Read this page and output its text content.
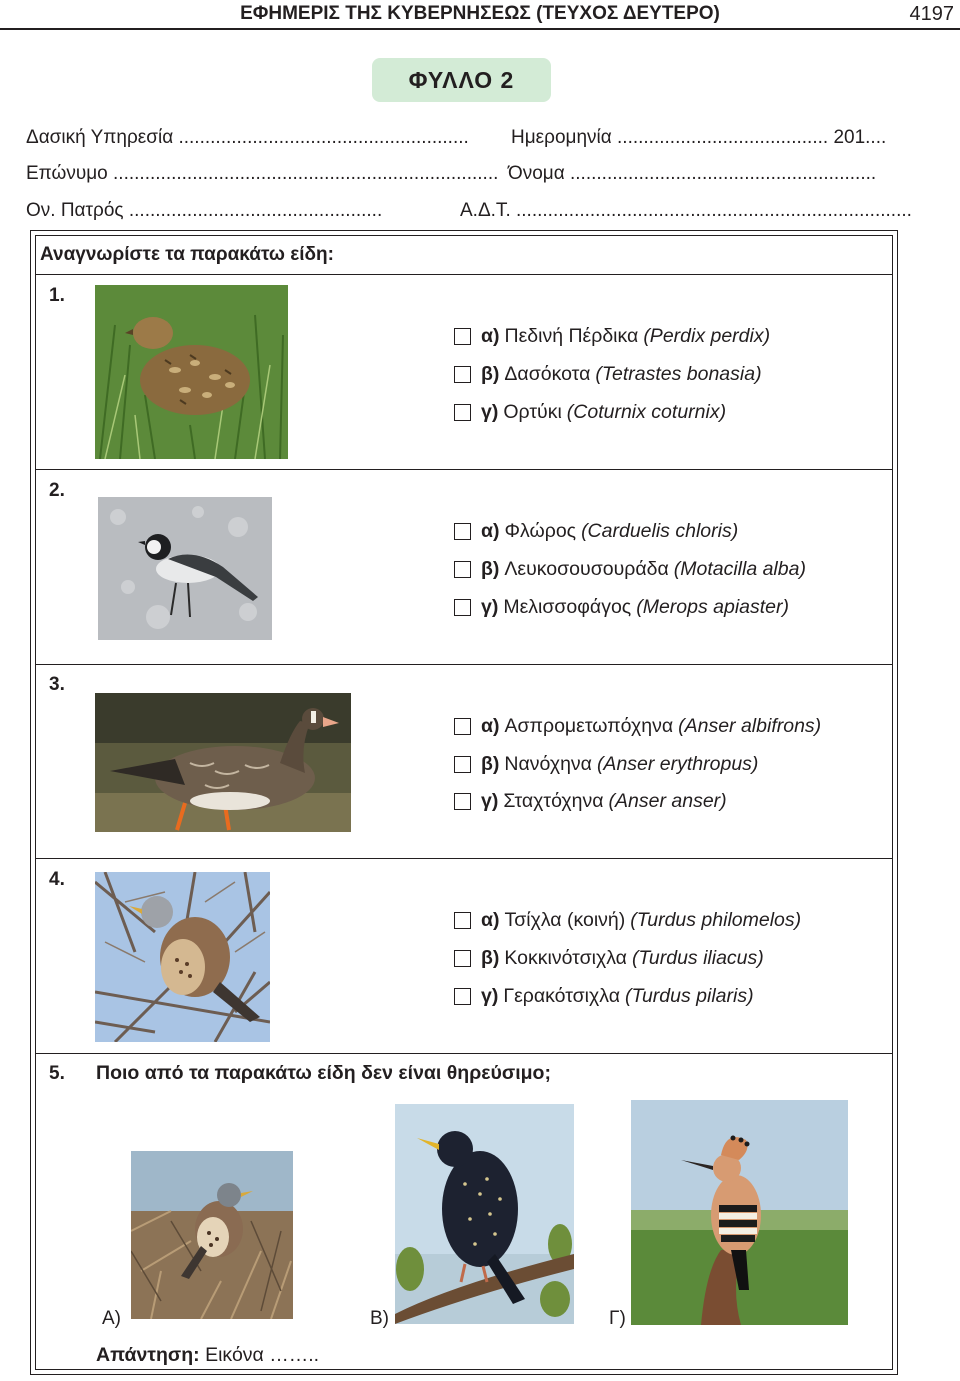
ΕΦΗΜΕΡΙΣ ΤΗΣ ΚΥΒΕΡΝΗΣΕΩΣ (ΤΕΥΧΟΣ ΔΕΥΤΕΡΟ)	4197
ΦΥΛΛΟ 2
Δασική Υπηρεσία ....................................................... Ημερομηνία ........................................ 201....
Επώνυμο ......................................................................... Όνομα ..........................................................
Ον. Πατρός ................................................	Α.Δ.Τ. ...........................................................................
Αναγνωρίστε τα παρακάτω είδη:
1.
α) Πεδινή Πέρδικα (Perdix perdix)
β) Δασόκοτα (Tetrastes bonasia)
γ) Ορτύκι (Coturnix coturnix)
2.
α) Φλώρος (Carduelis chloris)
β) Λευκοσουσουράδα (Motacilla alba)
γ) Μελισσοφάγος (Merops apiaster)
3.
α) Ασπρομετωπόχηνα (Anser albifrons)
β) Νανόχηνα (Anser erythropus)
γ) Σταχτόχηνα (Anser anser)
4.
α) Τσίχλα (κοινή) (Turdus philomelos)
β) Κοκκινότσιχλα (Turdus iliacus)
γ) Γερακότσιχλα (Turdus pilaris)
5. Ποιο από τα παρακάτω είδη δεν είναι θηρεύσιμο;
Α)	Β)	Γ)
Απάντηση: Εικόνα ……..
